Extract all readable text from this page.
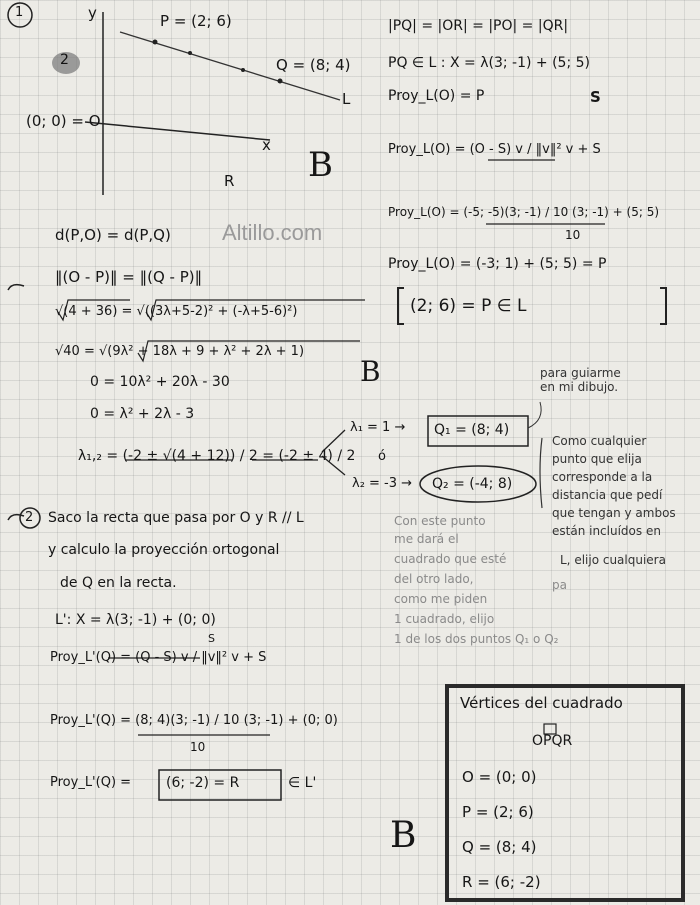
Altillo.com
1
2
y
x
P = (2; 6)
Q = (8; 4)
(0; 0) = O
R
L
B
B
B
|PQ| = |OR| = |PO| = |QR|
PQ ∈ L : X = λ(3; -1) + (5; 5)
Proy_L(O) = P	S
Proy_L(O) = (O - S) v / ‖v‖² v + S
Proy_L(O) = (-5; -5)(3; -1) / 10 (3; -1) + (5; 5)
10
Proy_L(O) = (-3; 1) + (5; 5) = P
(2; 6) = P ∈ L
d(P,O) = d(P,Q)
‖(O - P)‖ = ‖(Q - P)‖
√(4 + 36) = √((3λ+5-2)² + (-λ+5-6)²)
√40 = √(9λ² + 18λ + 9 + λ² + 2λ + 1)
0 = 10λ² + 20λ - 30
0 = λ² + 2λ - 3
λ₁,₂ = (-2 ± √(4 + 12)) / 2 = (-2 ± 4) / 2
λ₁ = 1 →
ó
λ₂ = -3 →
Q₁ = (8; 4)
Q₂ = (-4; 8)
para guiarme
en mi dibujo.
Como cualquier
punto que elija
corresponde a la
distancia que pedí
que tengan y ambos
están incluídos en
L, elijo cualquiera
Con este punto
me dará el
cuadrado que esté
del otro lado,
como me piden
1 cuadrado, elijo
1 de los dos puntos Q₁ o Q₂
pa
2 Saco la recta que pasa por O y R // L
y calculo la proyección ortogonal
de Q en la recta.
L': X = λ(3; -1) + (0; 0)
S
Proy_L'(Q) = (Q - S) v / ‖v‖² v + S
Proy_L'(Q) = (8; 4)(3; -1) / 10 (3; -1) + (0; 0)
10
Proy_L'(Q) = (6; -2) = R	∈ L'
Vértices del cuadrado
OPQR
O = (0; 0)
P = (2; 6)
Q = (8; 4)
R = (6; -2)
